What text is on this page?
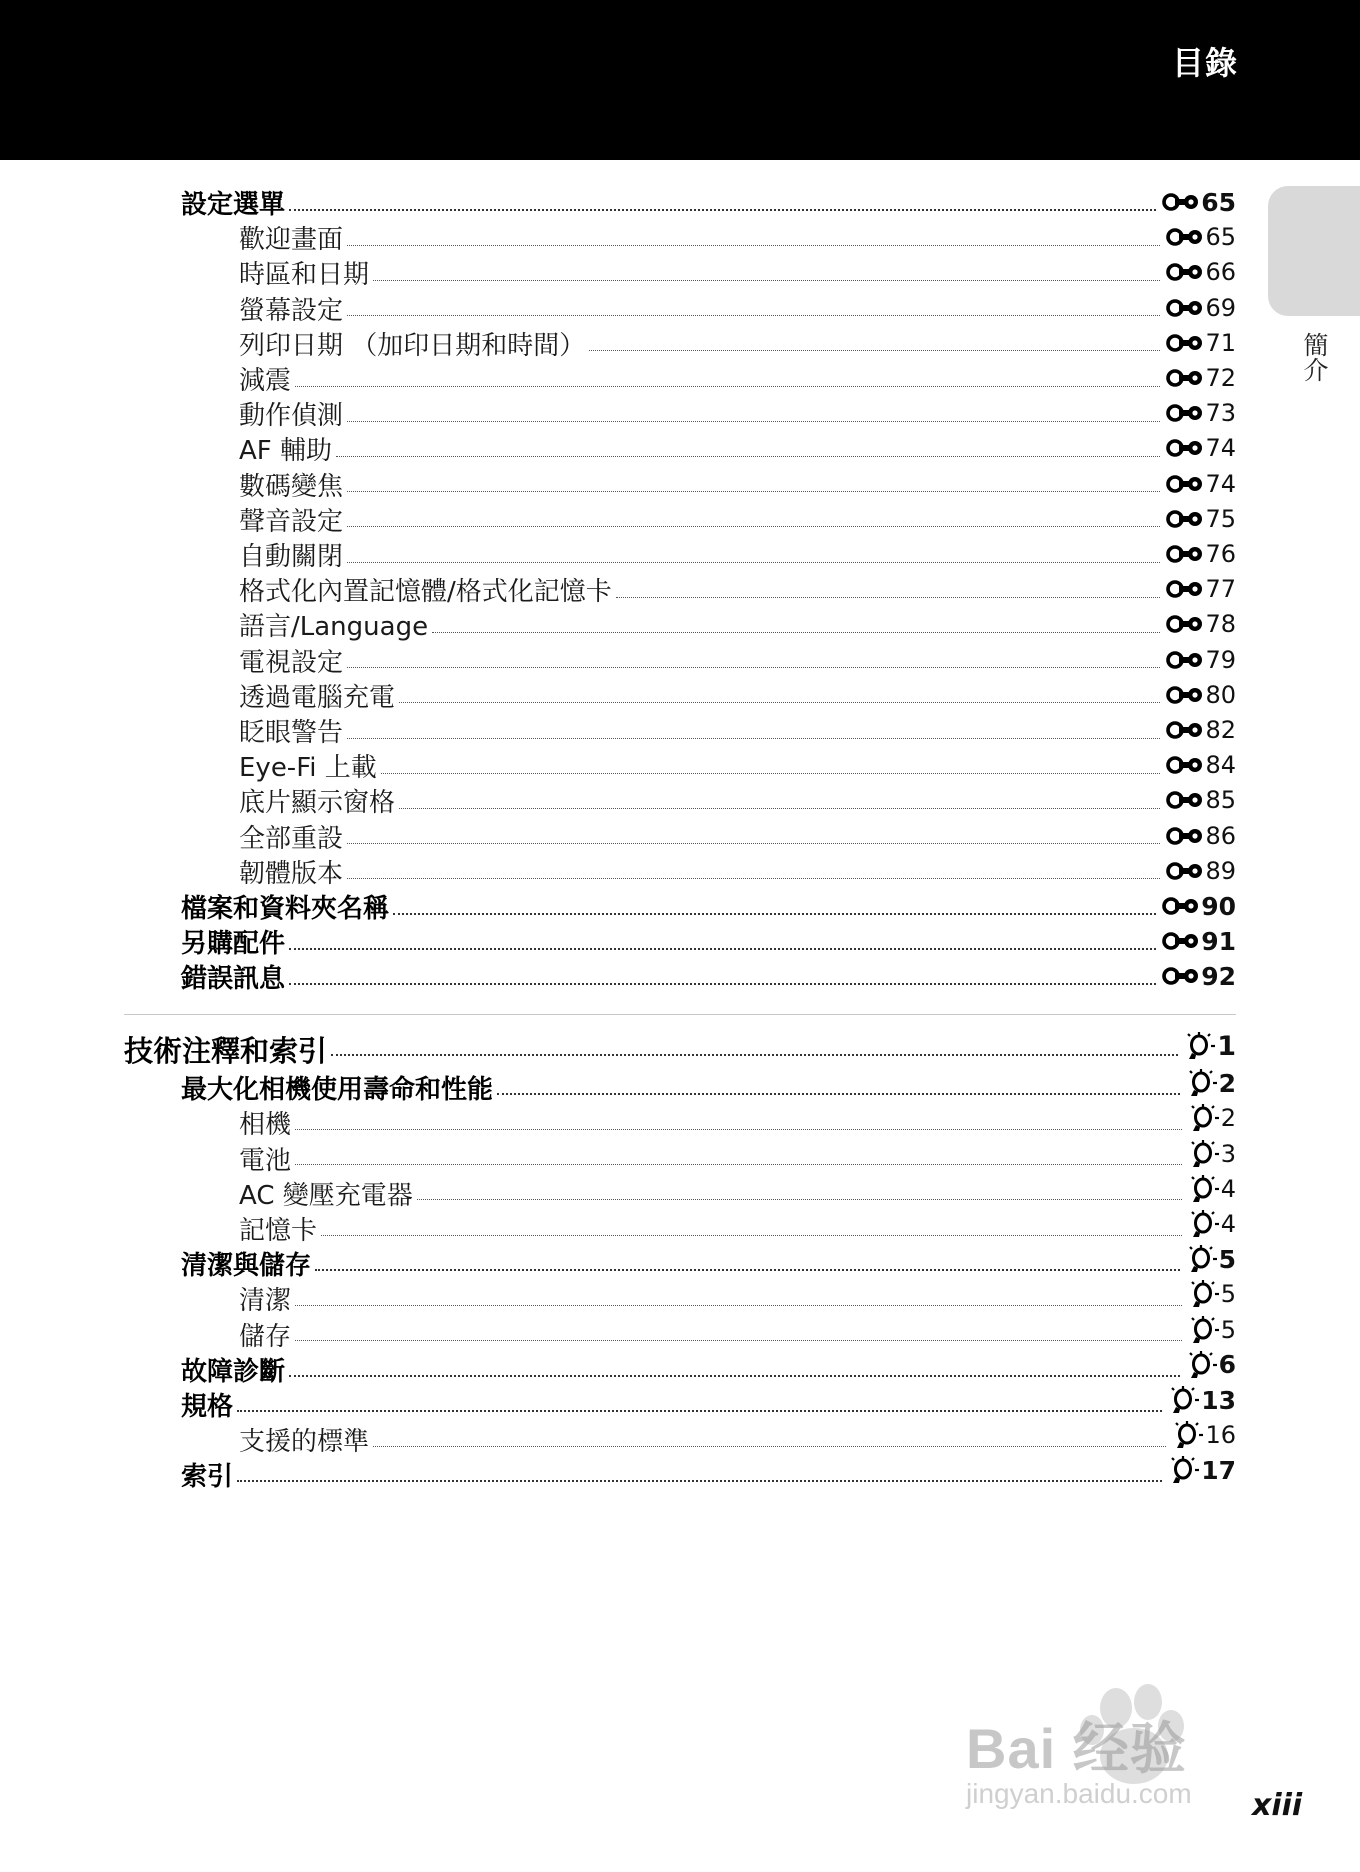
目錄
簡介
設定選單	65
歡迎畫面	65
時區和日期	66
螢幕設定	69
列印日期 （加印日期和時間）	71
減震	72
動作偵測	73
AF 輔助	74
數碼變焦	74
聲音設定	75
自動關閉	76
格式化內置記憶體/格式化記憶卡	77
語言/Language	78
電視設定	79
透過電腦充電	80
眨眼警告	82
Eye-Fi 上載	84
底片顯示窗格	85
全部重設	86
韌體版本	89
檔案和資料夾名稱	90
另購配件	91
錯誤訊息	92
技術注釋和索引	1
最大化相機使用壽命和性能	2
相機	2
電池	3
AC 變壓充電器	4
記憶卡	4
清潔與儲存	5
清潔	5
儲存	5
故障診斷	6
規格	13
支援的標準	16
索引	17
Bai 经验
jingyan.baidu.com xiii
